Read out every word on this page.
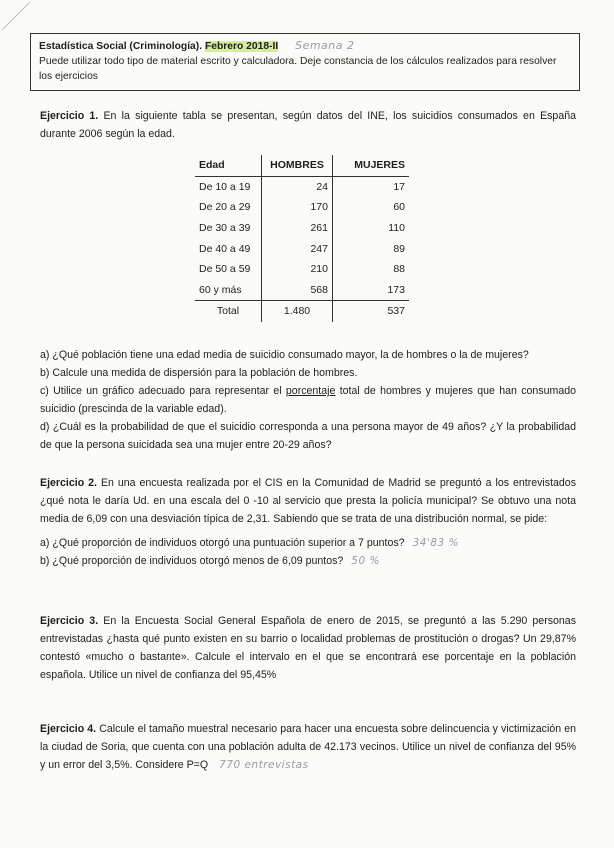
Estadística Social (Criminología). Febrero 2018-II Semana 2
Puede utilizar todo tipo de material escrito y calculadora. Deje constancia de los cálculos realizados para resolver los ejercicios
Ejercicio 1. En la siguiente tabla se presentan, según datos del INE, los suicidios consumados en España durante 2006 según la edad.
Edad	HOMBRES	MUJERES
De 10 a 19	24	17
De 20 a 29	170	60
De 30 a 39	261	110
De 40 a 49	247	89
De 50 a 59	210	88
60 y más	568	173
Total	1.480	537

a) ¿Qué población tiene una edad media de suicidio consumado mayor, la de hombres o la de mujeres?

b) Calcule una medida de dispersión para la población de hombres.

c) Utilice un gráfico adecuado para representar el porcentaje total de hombres y mujeres que han consumado suicidio (prescinda de la variable edad).

d) ¿Cuál es la probabilidad de que el suicidio corresponda a una persona mayor de 49 años? ¿Y la probabilidad de que la persona suicidada sea una mujer entre 20-29 años?

Ejercicio 2. En una encuesta realizada por el CIS en la Comunidad de Madrid se preguntó a los entrevistados ¿qué nota le daría Ud. en una escala del 0 -10 al servicio que presta la policía municipal? Se obtuvo una nota media de 6,09 con una desviación típica de 2,31. Sabiendo que se trata de una distribución normal, se pide:

a) ¿Qué proporción de individuos otorgó una puntuación superior a 7 puntos? 34'83 %

b) ¿Qué proporción de individuos otorgó menos de 6,09 puntos? 50 %

Ejercicio 3. En la Encuesta Social General Española de enero de 2015, se preguntó a las 5.290 personas entrevistadas ¿hasta qué punto existen en su barrio o localidad problemas de prostitución o drogas? Un 29,87% contestó «mucho o bastante». Calcule el intervalo en el que se encontrará ese porcentaje en la población española. Utilice un nivel de confianza del 95,45%
Ejercicio 4. Calcule el tamaño muestral necesario para hacer una encuesta sobre delincuencia y victimización en la ciudad de Soria, que cuenta con una población adulta de 42.173 vecinos. Utilice un nivel de confianza del 95% y un error del 3,5%. Considere P=Q 770 entrevistas
